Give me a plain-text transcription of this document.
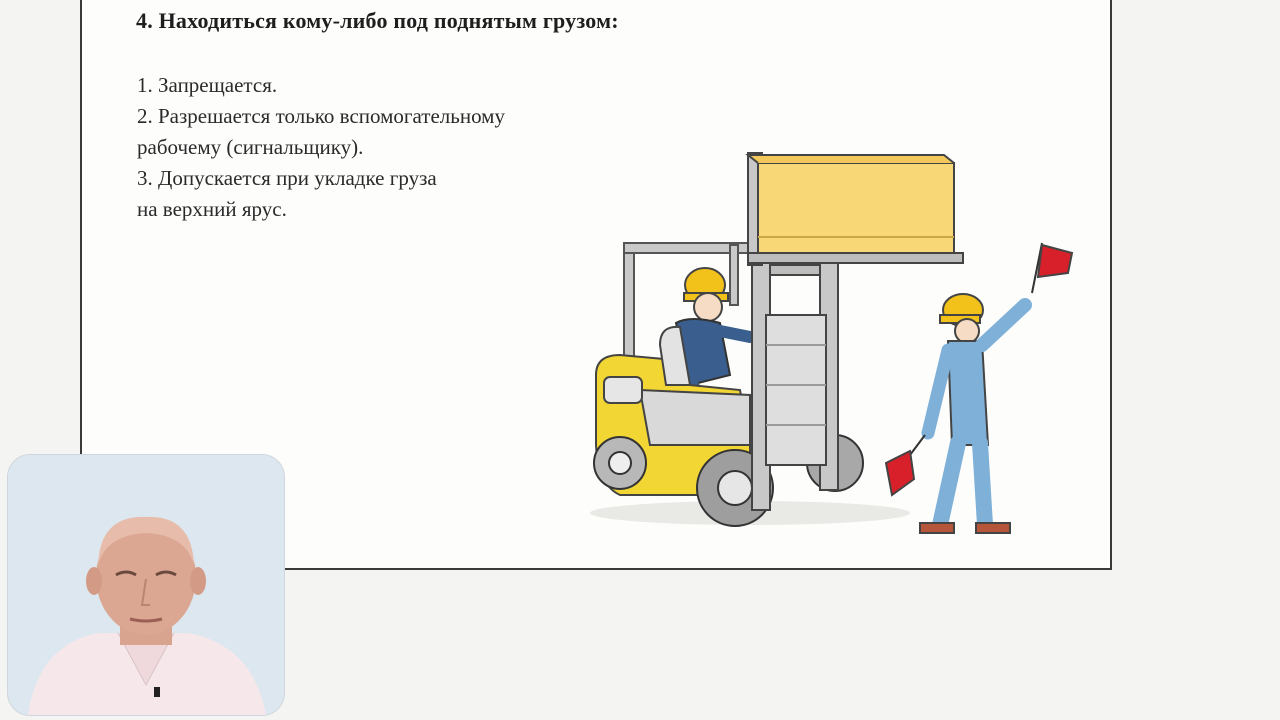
4. Находиться кому-либо под поднятым грузом:
1. Запрещается.
2. Разрешается только вспомогательному
рабочему (сигнальщику).
3. Допускается при укладке груза
на верхний ярус.
